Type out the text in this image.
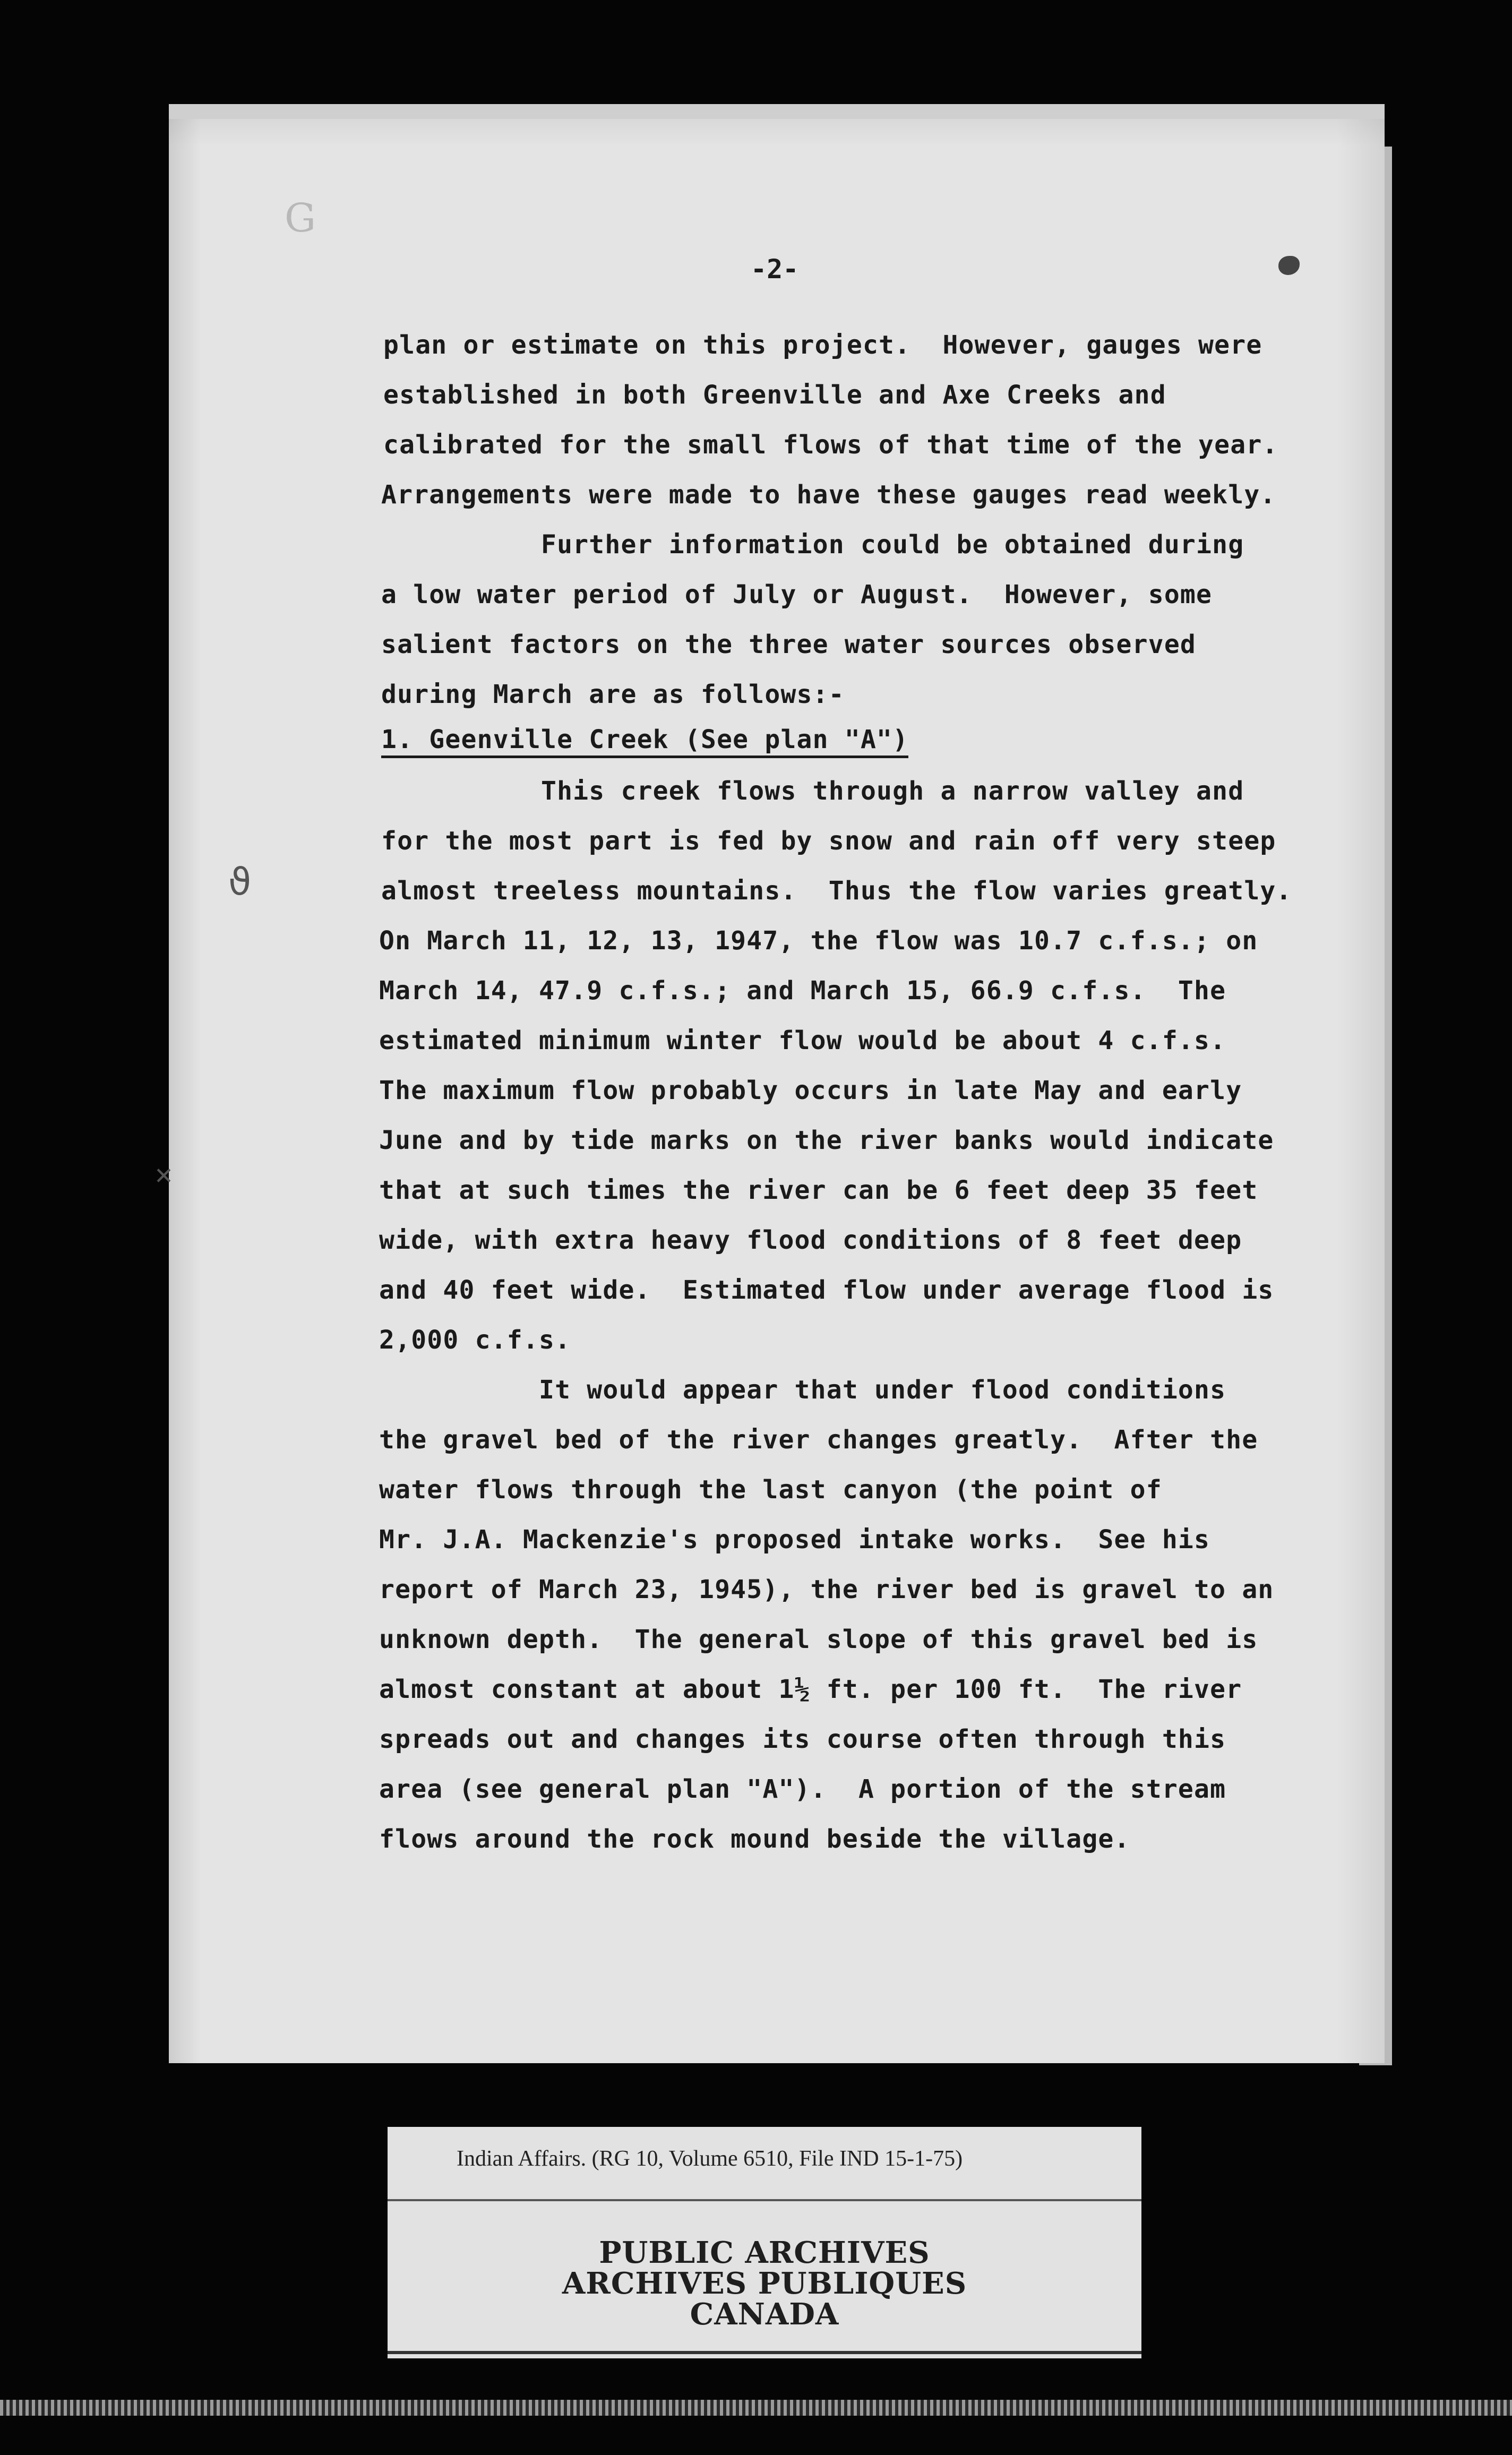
G
ϑ
✕
-2-
plan or estimate on this project.  However, gauges were
established in both Greenville and Axe Creeks and
calibrated for the small flows of that time of the year.
Arrangements were made to have these gauges read weekly.
Further information could be obtained during
a low water period of July or August.  However, some
salient factors on the three water sources observed
during March are as follows:-
1. Geenville Creek (See plan "A")
This creek flows through a narrow valley and
for the most part is fed by snow and rain off very steep
almost treeless mountains.  Thus the flow varies greatly.
On March 11, 12, 13, 1947, the flow was 10.7 c.f.s.; on
March 14, 47.9 c.f.s.; and March 15, 66.9 c.f.s.  The
estimated minimum winter flow would be about 4 c.f.s.
The maximum flow probably occurs in late May and early
June and by tide marks on the river banks would indicate
that at such times the river can be 6 feet deep 35 feet
wide, with extra heavy flood conditions of 8 feet deep
and 40 feet wide.  Estimated flow under average flood is
2,000 c.f.s.
It would appear that under flood conditions
the gravel bed of the river changes greatly.  After the
water flows through the last canyon (the point of
Mr. J.A. Mackenzie's proposed intake works.  See his
report of March 23, 1945), the river bed is gravel to an
unknown depth.  The general slope of this gravel bed is
almost constant at about 1½ ft. per 100 ft.  The river
spreads out and changes its course often through this
area (see general plan "A").  A portion of the stream
flows around the rock mound beside the village.
Indian Affairs. (RG 10, Volume 6510, File IND 15-1-75)
PUBLIC ARCHIVES
ARCHIVES PUBLIQUES
CANADA
